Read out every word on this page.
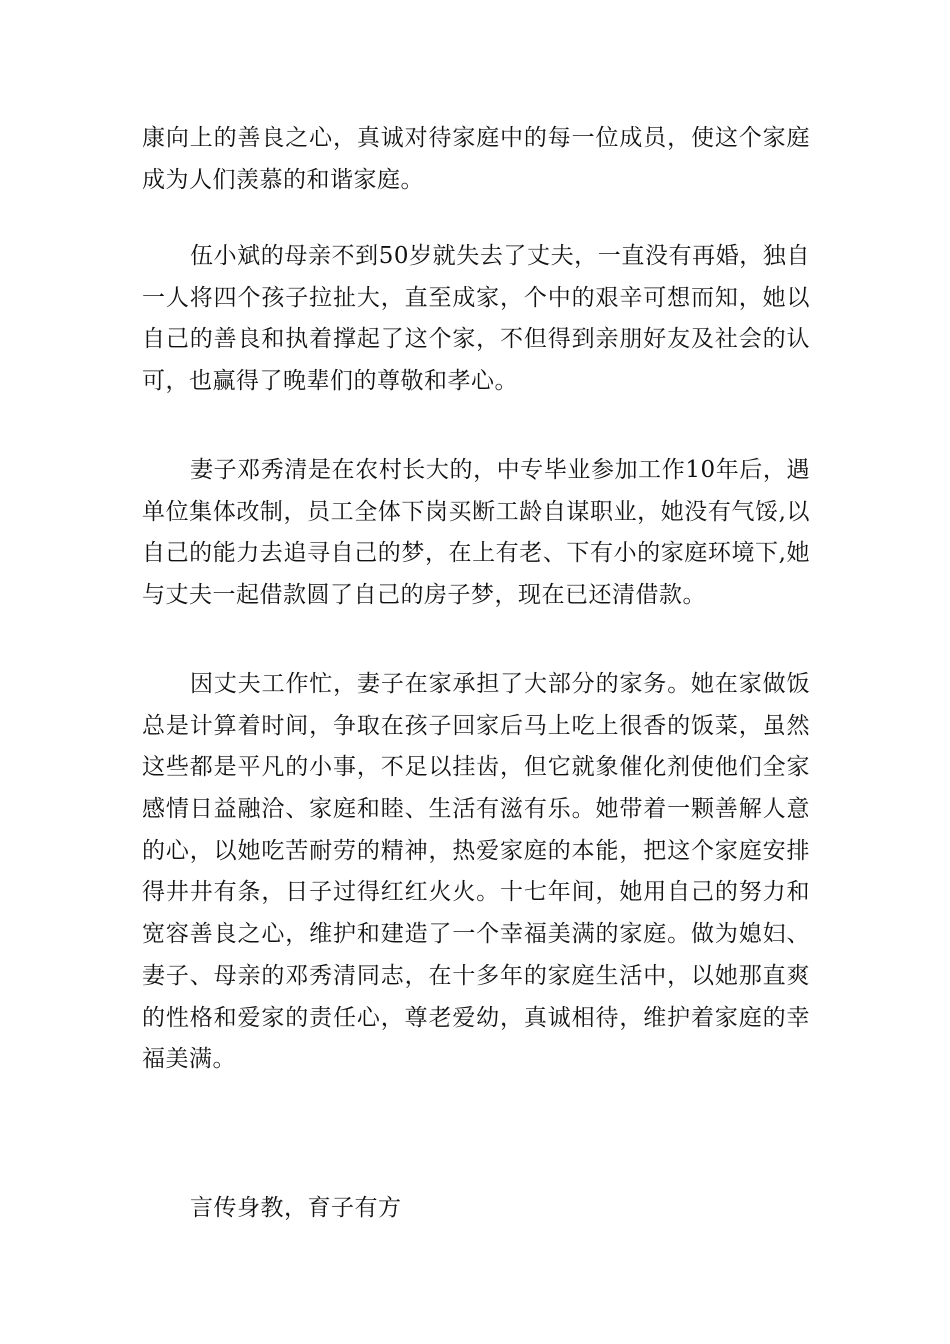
康向上的善良之心，真诚对待家庭中的每一位成员，使这个家庭
成为人们羡慕的和谐家庭。
伍小斌的母亲不到50岁就失去了丈夫，一直没有再婚，独自
一人将四个孩子拉扯大，直至成家，个中的艰辛可想而知，她以
自己的善良和执着撑起了这个家，不但得到亲朋好友及社会的认
可，也赢得了晚辈们的尊敬和孝心。
妻子邓秀清是在农村长大的，中专毕业参加工作10年后，遇
单位集体改制，员工全体下岗买断工龄自谋职业，她没有气馁,以
自己的能力去追寻自己的梦，在上有老、下有小的家庭环境下,她
与丈夫一起借款圆了自己的房子梦，现在已还清借款。
因丈夫工作忙，妻子在家承担了大部分的家务。她在家做饭
总是计算着时间，争取在孩子回家后马上吃上很香的饭菜，虽然
这些都是平凡的小事，不足以挂齿，但它就象催化剂使他们全家
感情日益融洽、家庭和睦、生活有滋有乐。她带着一颗善解人意
的心，以她吃苦耐劳的精神，热爱家庭的本能，把这个家庭安排
得井井有条，日子过得红红火火。十七年间，她用自己的努力和
宽容善良之心，维护和建造了一个幸福美满的家庭。做为媳妇、
妻子、母亲的邓秀清同志，在十多年的家庭生活中，以她那直爽
的性格和爱家的责任心，尊老爱幼，真诚相待，维护着家庭的幸
福美满。
言传身教，育子有方
